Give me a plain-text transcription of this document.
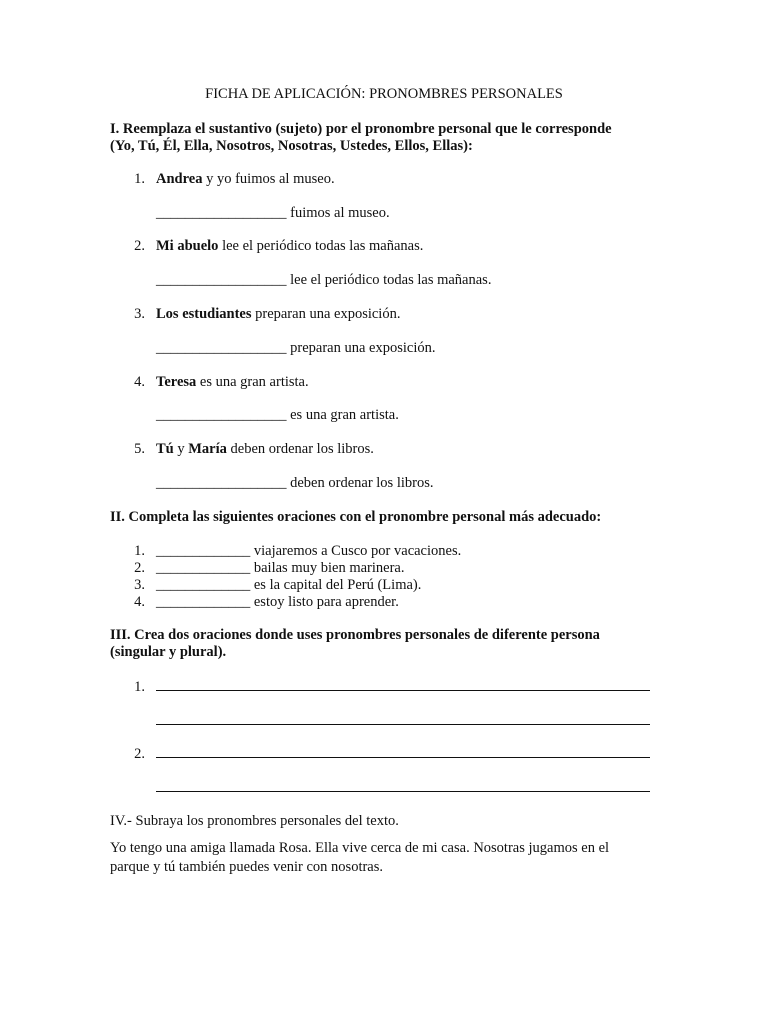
FICHA DE APLICACIÓN: PRONOMBRES PERSONALES
I. Reemplaza el sustantivo (sujeto) por el pronombre personal que le corresponde
(Yo, Tú, Él, Ella, Nosotros, Nosotras, Ustedes, Ellos, Ellas):
1. Andrea y yo fuimos al museo.
__________________ fuimos al museo.
2. Mi abuelo lee el periódico todas las mañanas.
__________________ lee el periódico todas las mañanas.
3. Los estudiantes preparan una exposición.
__________________ preparan una exposición.
4. Teresa es una gran artista.
__________________ es una gran artista.
5. Tú y María deben ordenar los libros.
__________________ deben ordenar los libros.
II. Completa las siguientes oraciones con el pronombre personal más adecuado:
1. _____________ viajaremos a Cusco por vacaciones.
2. _____________ bailas muy bien marinera.
3. _____________ es la capital del Perú (Lima).
4. _____________ estoy listo para aprender.
III. Crea dos oraciones donde uses pronombres personales de diferente persona
(singular y plural).
1.
2.
IV.- Subraya los pronombres personales del texto.
Yo tengo una amiga llamada Rosa. Ella vive cerca de mi casa. Nosotras jugamos en el
parque y tú también puedes venir con nosotras.
